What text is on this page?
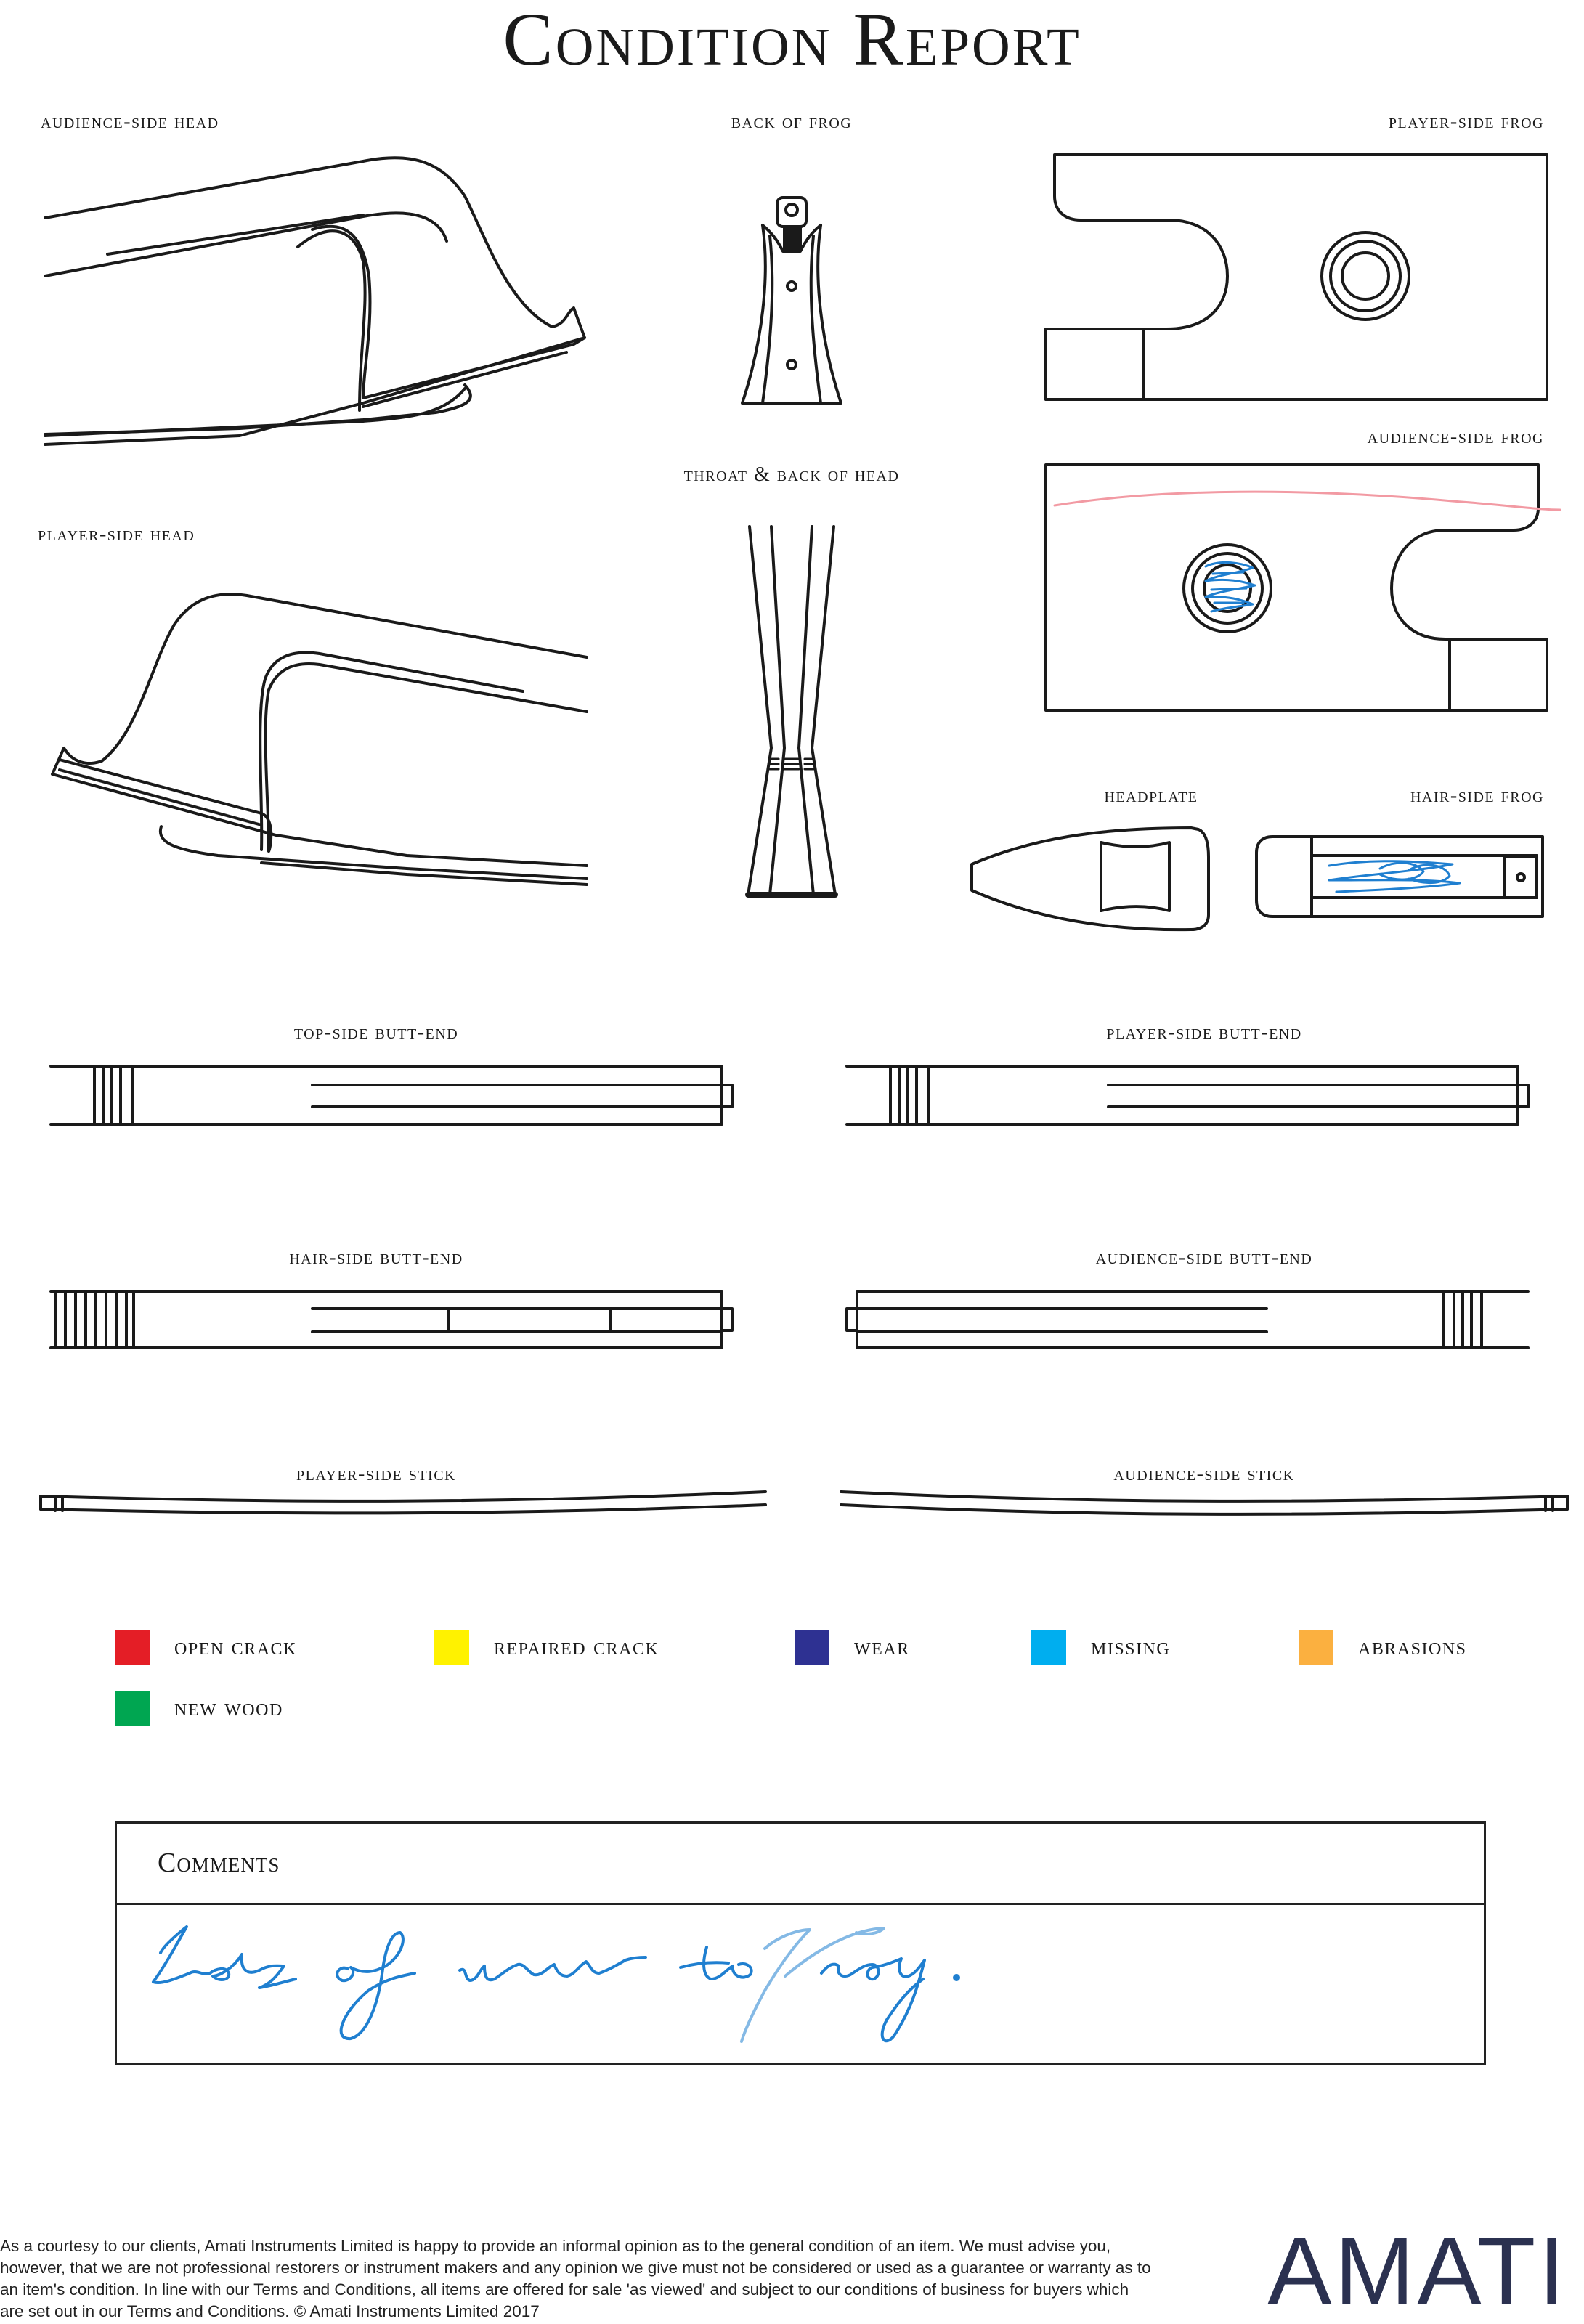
Condition Report
audience-side head	back of frog	player-side frog
audience-side frog
throat & back of head
player-side head
headplate	hair-side frog
top-side butt-end	player-side butt-end
hair-side butt-end	audience-side butt-end
player-side stick	audience-side stick
open crack	repaired crack	wear	missing	abrasions
new wood
Comments
As a courtesy to our clients, Amati Instruments Limited is happy to provide an informal opinion as to the general condition of an item. We must advise you, however, that we are not professional restorers or instrument makers and any opinion we give must not be considered or used as a guarantee or warranty as to an item's condition. In line with our Terms and Conditions, all items are offered for sale 'as viewed' and subject to our conditions of business for buyers which are set out in our Terms and Conditions. © Amati Instruments Limited 2017	AMATI
